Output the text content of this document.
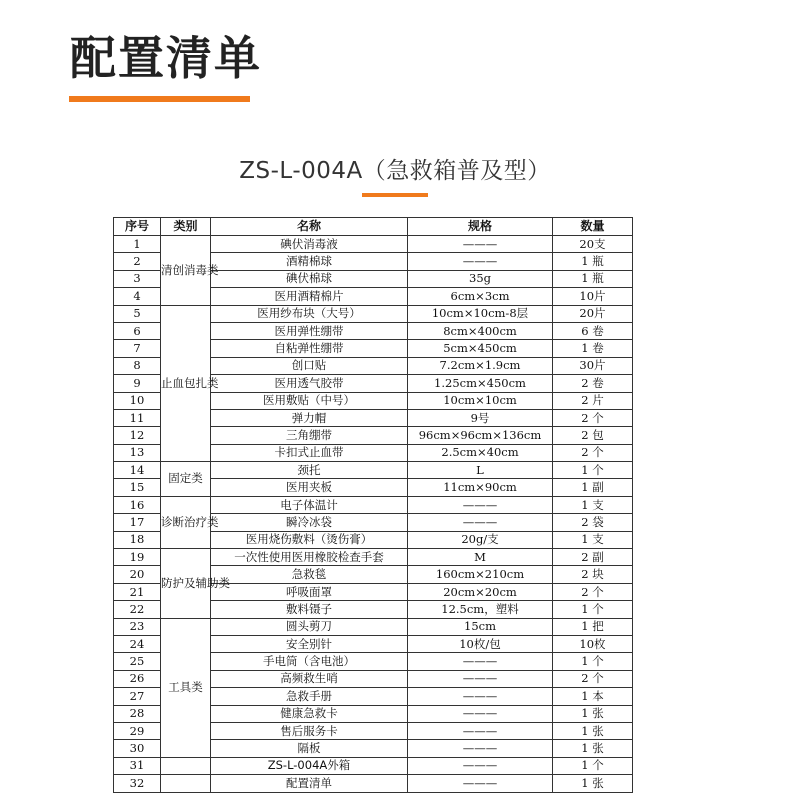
配置清单
ZS-L-004A（急救箱普及型）
序号	类别	名称	规格	数量
1	清创消毒类	碘伏消毒液	———	20支
2		酒精棉球	———	1 瓶
3		碘伏棉球	35g	1 瓶
4		医用酒精棉片	6cm×3cm	10片
5	止血包扎类	医用纱布块（大号）	10cm×10cm-8层	20片
6		医用弹性绷带	8cm×400cm	6 卷
7		自粘弹性绷带	5cm×450cm	1 卷
8		创口贴	7.2cm×1.9cm	30片
9		医用透气胶带	1.25cm×450cm	2 卷
10		医用敷贴（中号）	10cm×10cm	2 片
11		弹力帽	9号	2 个
12		三角绷带	96cm×96cm×136cm	2 包
13		卡扣式止血带	2.5cm×40cm	2 个
14	固定类	颈托	L	1 个
15		医用夹板	11cm×90cm	1 副
16	诊断治疗类	电子体温计	———	1 支
17		瞬冷冰袋	———	2 袋
18		医用烧伤敷料（烫伤膏）	20g/支	1 支
19	防护及辅助类	一次性使用医用橡胶检查手套	M	2 副
20		急救毯	160cm×210cm	2 块
21		呼吸面罩	20cm×20cm	2 个
22		敷料镊子	12.5cm，塑料	1 个
23	工具类	圆头剪刀	15cm	1 把
24		安全别针	10枚/包	10枚
25		手电筒（含电池）	———	1 个
26		高频救生哨	———	2 个
27		急救手册	———	1 本
28		健康急救卡	———	1 张
29		售后服务卡	———	1 张
30		隔板	———	1 张
31		ZS-L-004A外箱	———	1 个
32		配置清单	———	1 张
